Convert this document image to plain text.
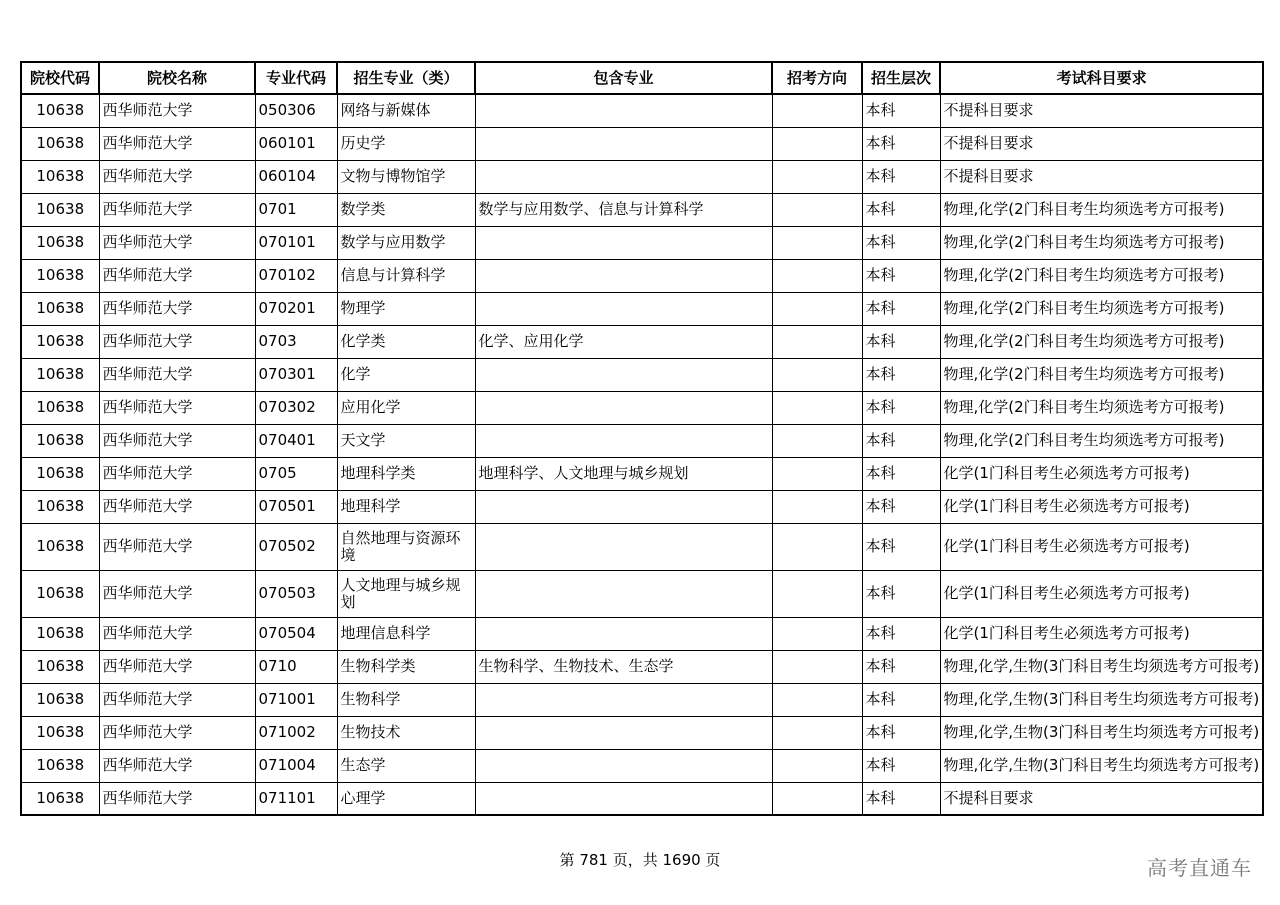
院校代码	院校名称	专业代码	招生专业（类）	包含专业	招考方向	招生层次	考试科目要求
10638	西华师范大学	050306	网络与新媒体			本科	不提科目要求
10638	西华师范大学	060101	历史学			本科	不提科目要求
10638	西华师范大学	060104	文物与博物馆学			本科	不提科目要求
10638	西华师范大学	0701	数学类	数学与应用数学、信息与计算科学		本科	物理,化学(2门科目考生均须选考方可报考)
10638	西华师范大学	070101	数学与应用数学			本科	物理,化学(2门科目考生均须选考方可报考)
10638	西华师范大学	070102	信息与计算科学			本科	物理,化学(2门科目考生均须选考方可报考)
10638	西华师范大学	070201	物理学			本科	物理,化学(2门科目考生均须选考方可报考)
10638	西华师范大学	0703	化学类	化学、应用化学		本科	物理,化学(2门科目考生均须选考方可报考)
10638	西华师范大学	070301	化学			本科	物理,化学(2门科目考生均须选考方可报考)
10638	西华师范大学	070302	应用化学			本科	物理,化学(2门科目考生均须选考方可报考)
10638	西华师范大学	070401	天文学			本科	物理,化学(2门科目考生均须选考方可报考)
10638	西华师范大学	0705	地理科学类	地理科学、人文地理与城乡规划		本科	化学(1门科目考生必须选考方可报考)
10638	西华师范大学	070501	地理科学			本科	化学(1门科目考生必须选考方可报考)
10638	西华师范大学	070502	自然地理与资源环境			本科	化学(1门科目考生必须选考方可报考)
10638	西华师范大学	070503	人文地理与城乡规划			本科	化学(1门科目考生必须选考方可报考)
10638	西华师范大学	070504	地理信息科学			本科	化学(1门科目考生必须选考方可报考)
10638	西华师范大学	0710	生物科学类	生物科学、生物技术、生态学		本科	物理,化学,生物(3门科目考生均须选考方可报考)
10638	西华师范大学	071001	生物科学			本科	物理,化学,生物(3门科目考生均须选考方可报考)
10638	西华师范大学	071002	生物技术			本科	物理,化学,生物(3门科目考生均须选考方可报考)
10638	西华师范大学	071004	生态学			本科	物理,化学,生物(3门科目考生均须选考方可报考)
10638	西华师范大学	071101	心理学			本科	不提科目要求
第 781 页，共 1690 页	高考直通车
